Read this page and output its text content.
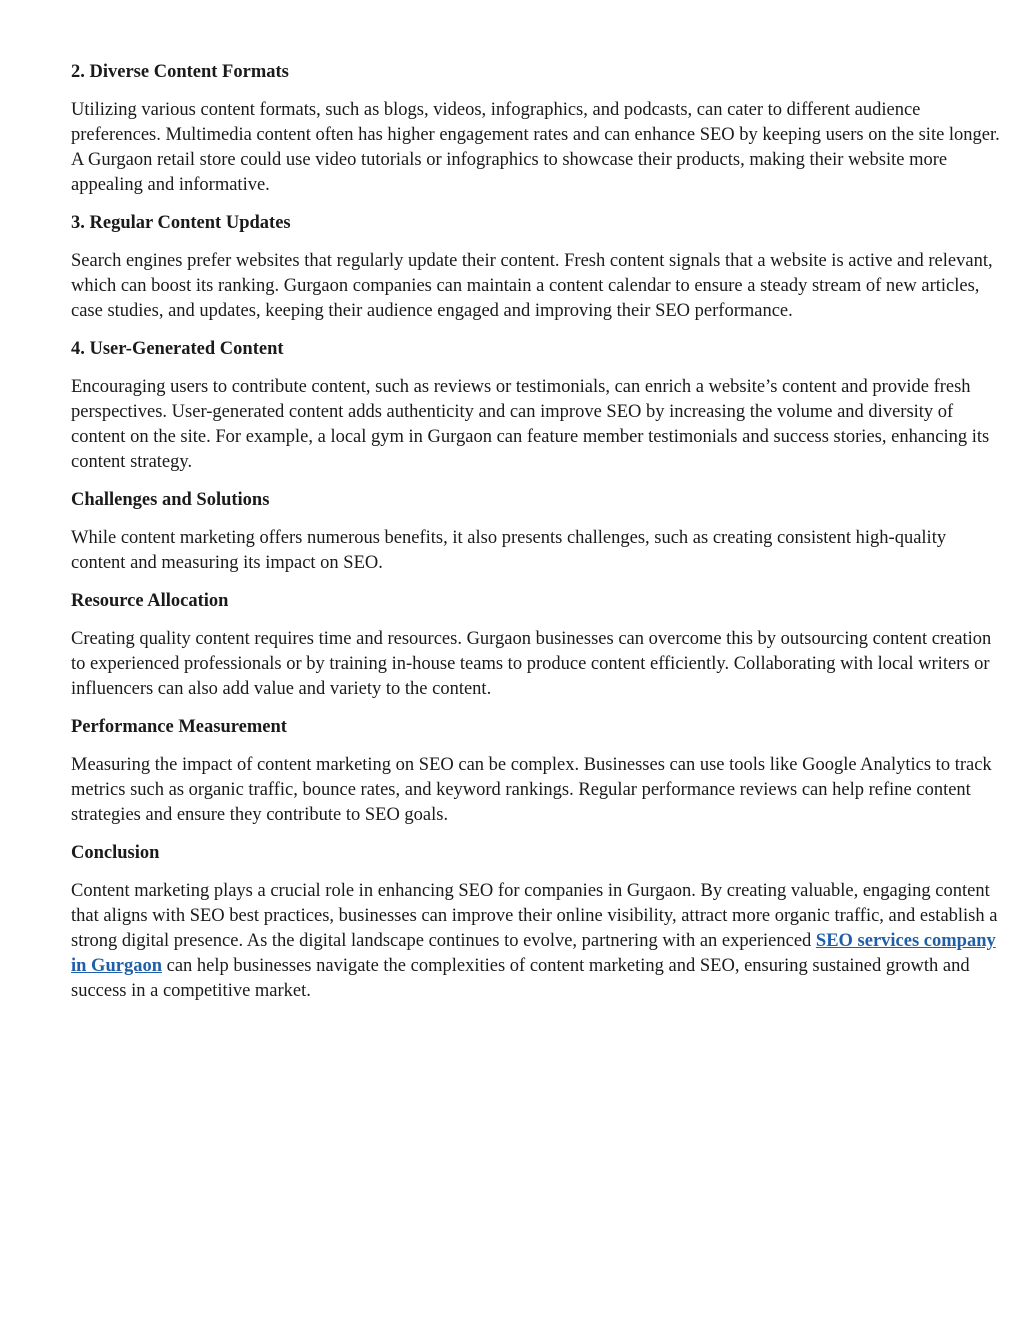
2. Diverse Content Formats

Utilizing various content formats, such as blogs, videos, infographics, and podcasts, can cater to different audience preferences. Multimedia content often has higher engagement rates and can enhance SEO by keeping users on the site longer. A Gurgaon retail store could use video tutorials or infographics to showcase their products, making their website more appealing and informative.

3. Regular Content Updates

Search engines prefer websites that regularly update their content. Fresh content signals that a website is active and relevant, which can boost its ranking. Gurgaon companies can maintain a content calendar to ensure a steady stream of new articles, case studies, and updates, keeping their audience engaged and improving their SEO performance.

4. User-Generated Content

Encouraging users to contribute content, such as reviews or testimonials, can enrich a website’s content and provide fresh perspectives. User-generated content adds authenticity and can improve SEO by increasing the volume and diversity of content on the site. For example, a local gym in Gurgaon can feature member testimonials and success stories, enhancing its content strategy.

Challenges and Solutions

While content marketing offers numerous benefits, it also presents challenges, such as creating consistent high-quality content and measuring its impact on SEO.

Resource Allocation

Creating quality content requires time and resources. Gurgaon businesses can overcome this by outsourcing content creation to experienced professionals or by training in-house teams to produce content efficiently. Collaborating with local writers or influencers can also add value and variety to the content.

Performance Measurement

Measuring the impact of content marketing on SEO can be complex. Businesses can use tools like Google Analytics to track metrics such as organic traffic, bounce rates, and keyword rankings. Regular performance reviews can help refine content strategies and ensure they contribute to SEO goals.

Conclusion

Content marketing plays a crucial role in enhancing SEO for companies in Gurgaon. By creating valuable, engaging content that aligns with SEO best practices, businesses can improve their online visibility, attract more organic traffic, and establish a strong digital presence. As the digital landscape continues to evolve, partnering with an experienced SEO services company in Gurgaon can help businesses navigate the complexities of content marketing and SEO, ensuring sustained growth and success in a competitive market.
